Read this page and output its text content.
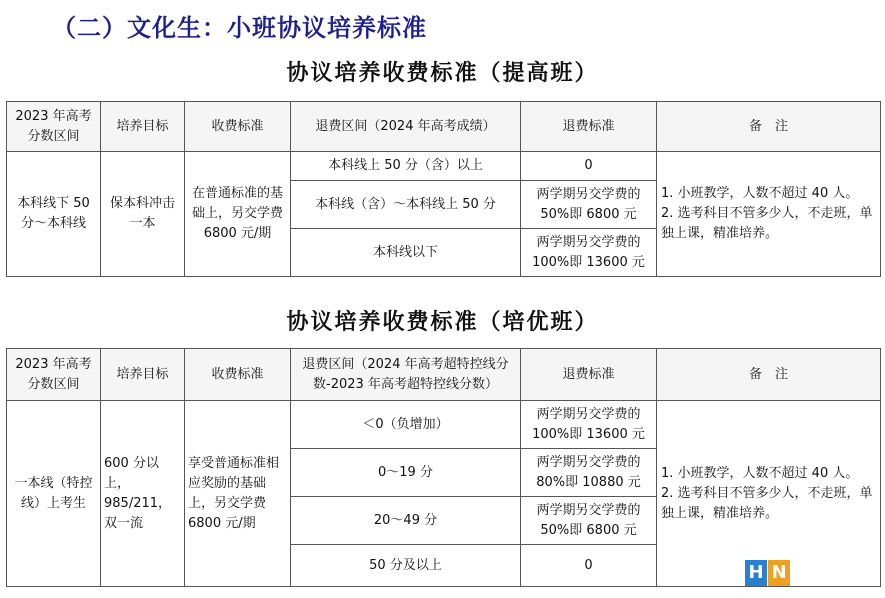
（二）文化生：小班协议培养标准
协议培养收费标准（提高班）
2023 年高考分数区间	培养目标	收费标准	退费区间（2024 年高考成绩）	退费标准	备　注
本科线下 50 分～本科线	保本科冲击一本	在普通标准的基础上，另交学费 6800 元/期	本科线上 50 分（含）以上	0	1. 小班教学，人数不超过 40 人。
2. 选考科目不管多少人，不走班，单独上课，精准培养。

			本科线（含）～本科线上 50 分	两学期另交学费的 50%即 6800 元	
			本科线以下	两学期另交学费的 100%即 13600 元	
协议培养收费标准（培优班）
2023 年高考分数区间	培养目标	收费标准	退费区间（2024 年高考超特控线分数-2023 年高考超特控线分数）	退费标准	备　注
一本线（特控线）上考生	600 分以上，985/211，双一流	享受普通标准相应奖励的基础上，另交学费 6800 元/期	＜0（负增加）	两学期另交学费的 100%即 13600 元	1. 小班教学，人数不超过 40 人。
2. 选考科目不管多少人，不走班，单独上课，精准培养。

			0～19 分	两学期另交学费的 80%即 10880 元	
			20～49 分	两学期另交学费的 50%即 6800 元	
			50 分及以上	0		H N
